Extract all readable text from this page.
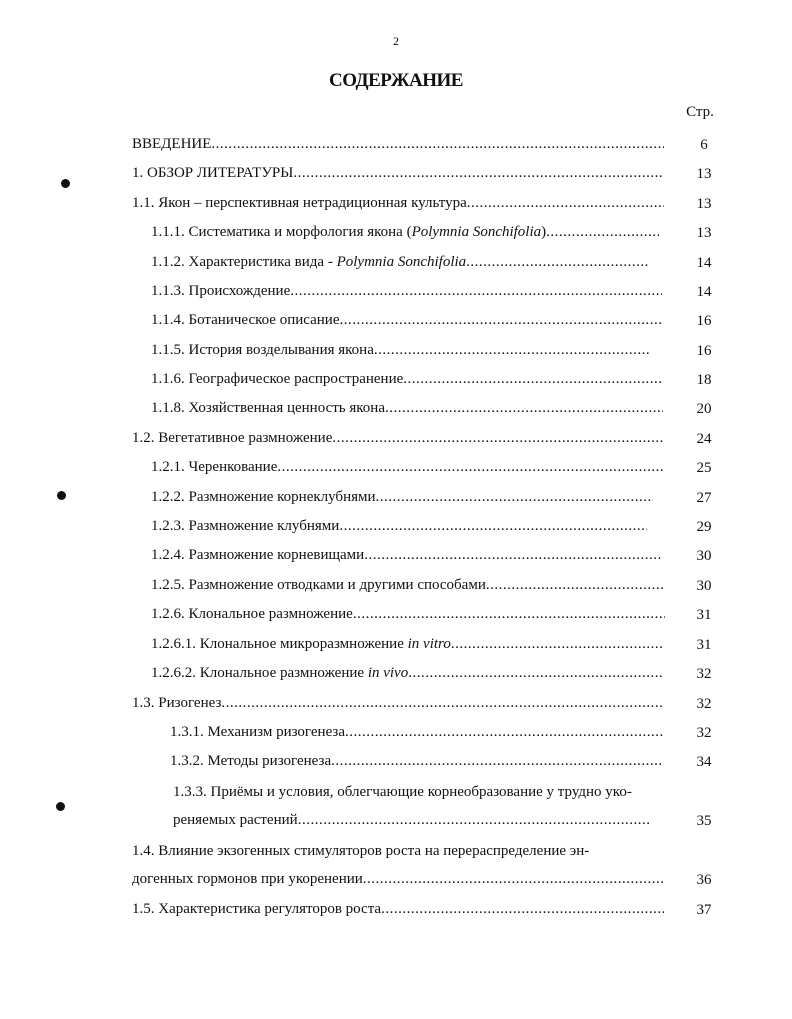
2
СОДЕРЖАНИЕ
Стр.
ВВЕДЕНИЕ .....	6
1. ОБЗОР ЛИТЕРАТУРЫ .....	13
1.1. Якон – перспективная нетрадиционная культура .....	13
1.1.1. Систематика и морфология якона (Polymnia Sonchifolia) .....	13
1.1.2. Характеристика вида - Polymnia Sonchifolia .....	14
1.1.3. Происхождение .....	14
1.1.4. Ботаническое описание .....	16
1.1.5. История возделывания якона .....	16
1.1.6. Географическое распространение .....	18
1.1.8. Хозяйственная ценность якона .....	20
1.2. Вегетативное размножение .....	24
1.2.1. Черенкование .....	25
1.2.2. Размножение корнеклубнями .....	27
1.2.3. Размножение клубнями .....	29
1.2.4. Размножение корневищами .....	30
1.2.5. Размножение отводками и другими способами .....	30
1.2.6. Клональное размножение .....	31
1.2.6.1. Клональное микроразмножение in vitro .....	31
1.2.6.2. Клональное размножение in vivo .....	32
1.3. Ризогенез .....	32
1.3.1. Механизм ризогенеза .....	32
1.3.2. Методы ризогенеза .....	34
1.3.3. Приёмы и условия, облегчающие корнеобразование у трудно уко-
реняемых растений .....	35
1.4. Влияние экзогенных стимуляторов роста на перераспределение эн-
догенных гормонов при укоренении .....	36
1.5. Характеристика регуляторов роста .....	37
